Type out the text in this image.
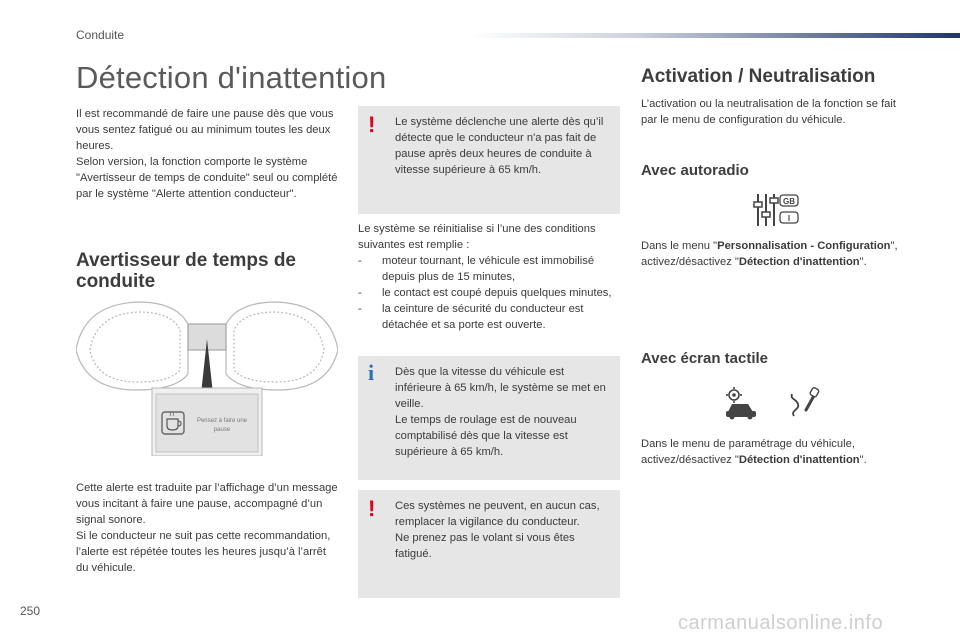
Conduite
Détection d'inattention

Il est recommandé de faire une pause dès que vous vous sentez fatigué ou au minimum toutes les deux heures.

Selon version, la fonction comporte le système "Avertisseur de temps de conduite" seul ou complété par le système "Alerte attention conducteur".

Avertisseur de temps de
conduite
Pensez à faire une
pause

Cette alerte est traduite par l’affichage d’un message vous incitant à faire une pause, accompagné d’un signal sonore.

Si le conducteur ne suit pas cette recommandation, l’alerte est répétée toutes les heures jusqu’à l’arrêt du véhicule.

! Le système déclenche une alerte dès qu’il détecte que le conducteur n'a pas fait de pause après deux heures de conduite à vitesse supérieure à 65 km/h.

Le système se réinitialise si l’une des conditions suivantes est remplie :

- moteur tournant, le véhicule est immobilisé depuis plus de 15 minutes,
- le contact est coupé depuis quelques minutes,
- la ceinture de sécurité du conducteur est détachée et sa porte est ouverte.
i Dès que la vitesse du véhicule est inférieure à 65 km/h, le système se met en veille.

Le temps de roulage est de nouveau comptabilisé dès que la vitesse est supérieure à 65 km/h.

! Ces systèmes ne peuvent, en aucun cas, remplacer la vigilance du conducteur.

Ne prenez pas le volant si vous êtes fatigué.

Activation / Neutralisation

L’activation ou la neutralisation de la fonction se fait par le menu de configuration du véhicule.

Avec autoradio
GB
I

Dans le menu "Personnalisation - Configuration", activez/désactivez "Détection d'inattention".

Avec écran tactile

Dans le menu de paramétrage du véhicule, activez/désactivez "Détection d'inattention".

250
carmanualsonline.info
